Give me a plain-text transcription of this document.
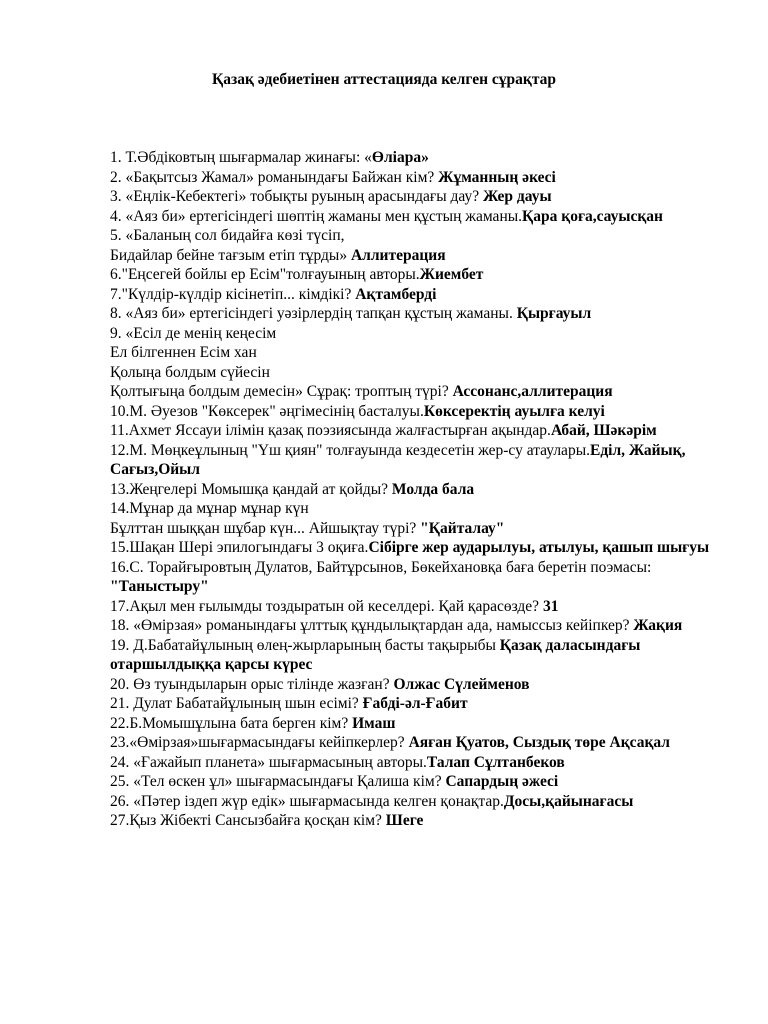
Қазақ әдебиетінен аттестацияда келген сұрақтар
1. Т.Әбдіковтың шығармалар жинағы: «Өліара»
2. «Бақытсыз Жамал» романындағы Байжан кім? Жұманның әкесі
3. «Еңлік-Кебектегі» тобықты руының арасындағы дау? Жер дауы
4. «Аяз би» ертегісіндегі шөптің жаманы мен құстың жаманы.Қара қоға,сауысқан
5. «Баланың сол бидайға көзі түсіп,
Бидайлар бейне тағзым етіп тұрды» Аллитерация
6."Еңсегей бойлы ер Есім"толғауының авторы.Жиембет
7."Күлдір-күлдір кісінетіп... кімдікі? Ақтамберді
8. «Аяз би» ертегісіндегі уәзірлердің тапқан құстың жаманы. Қырғауыл
9. «Есіл де менің кеңесім
Ел білгеннен Есім хан
Қолыңа болдым сүйесін
Қолтығыңа болдым демесін» Сұрақ: троптың түрі? Ассонанс,аллитерация
10.М. Әуезов "Көксерек" әңгімесінің басталуы.Көксеректің ауылға келуі
11.Ахмет Яссауи ілімін қазақ поэзиясында жалғастырған ақындар.Абай, Шәкәрім
12.М. Мөңкеұлының "Үш қиян" толғауында кездесетін жер-су атаулары.Еділ, Жайық, Сағыз,Ойыл
13.Жеңгелері Момышқа қандай ат қойды? Молда бала
14.Мұнар да мұнар мұнар күн
Бұлттан шыққан шұбар күн... Айшықтау түрі? "Қайталау"
15.Шақан Шері эпилогындағы 3 оқиға.Сібірге жер аударылуы, атылуы, қашып шығуы
16.С. Торайғыровтың Дулатов, Байтұрсынов, Бөкейхановқа баға беретін поэмасы: "Таныстыру"
17.Ақыл мен ғылымды тоздыратын ой кеселдері. Қай қарасөзде? 31
18. «Өмірзая» романындағы ұлттық құндылықтардан ада, намыссыз кейіпкер? Жақия
19. Д.Бабатайұлының өлең-жырларының басты тақырыбы Қазақ даласындағы отаршылдыққа қарсы күрес
20. Өз туындыларын орыс тілінде жазған? Олжас Сүлейменов
21. Дулат Бабатайұлының шын есімі? Ғабді-әл-Ғабит
22.Б.Момышұлына бата берген кім? Имаш
23.«Өмірзая»шығармасындағы кейіпкерлер? Аяған Қуатов, Сыздық төре Ақсақал
24. «Ғажайып планета» шығармасының авторы.Талап Сұлтанбеков
25. «Тел өскен ұл» шығармасындағы Қалиша кім? Сапардың әжесі
26. «Пәтер іздеп жүр едік» шығармасында келген қонақтар.Досы,қайынағасы
27.Қыз Жібекті Сансызбайға қосқан кім? Шеге
